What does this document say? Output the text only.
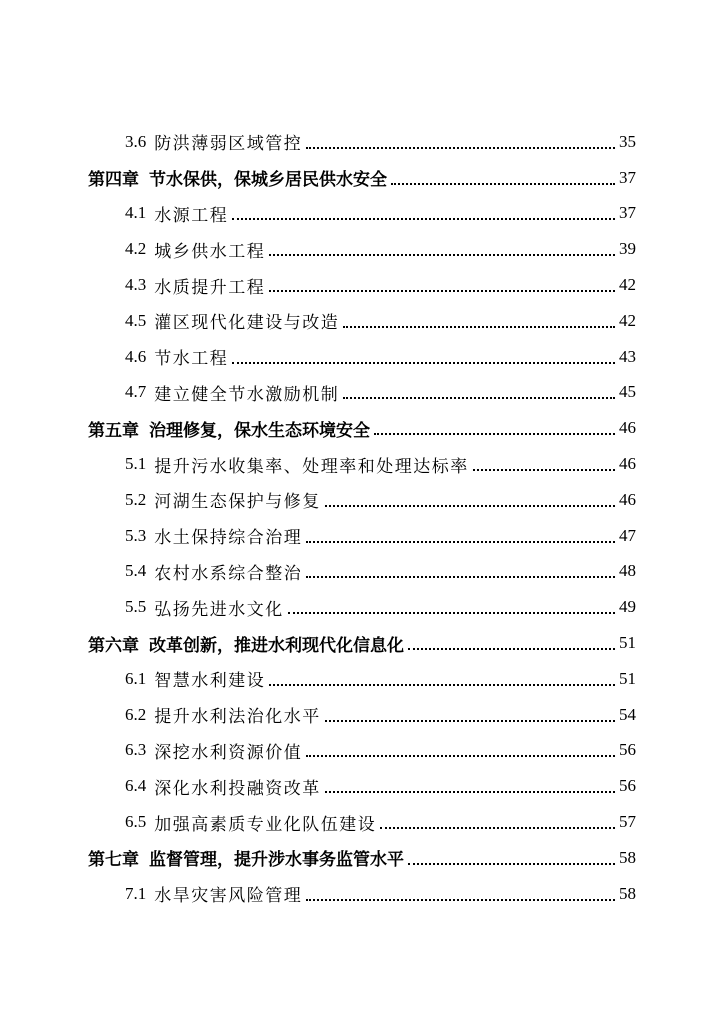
3.6 防洪薄弱区域管控	35
第四章 节水保供，保城乡居民供水安全	37
4.1 水源工程	37
4.2 城乡供水工程	39
4.3 水质提升工程	42
4.5 灌区现代化建设与改造	42
4.6 节水工程	43
4.7 建立健全节水激励机制	45
第五章 治理修复，保水生态环境安全	46
5.1 提升污水收集率、处理率和处理达标率	46
5.2 河湖生态保护与修复	46
5.3 水土保持综合治理	47
5.4 农村水系综合整治	48
5.5 弘扬先进水文化	49
第六章 改革创新，推进水利现代化信息化	51
6.1 智慧水利建设	51
6.2 提升水利法治化水平	54
6.3 深挖水利资源价值	56
6.4 深化水利投融资改革	56
6.5 加强高素质专业化队伍建设	57
第七章 监督管理，提升涉水事务监管水平	58
7.1 水旱灾害风险管理	58
